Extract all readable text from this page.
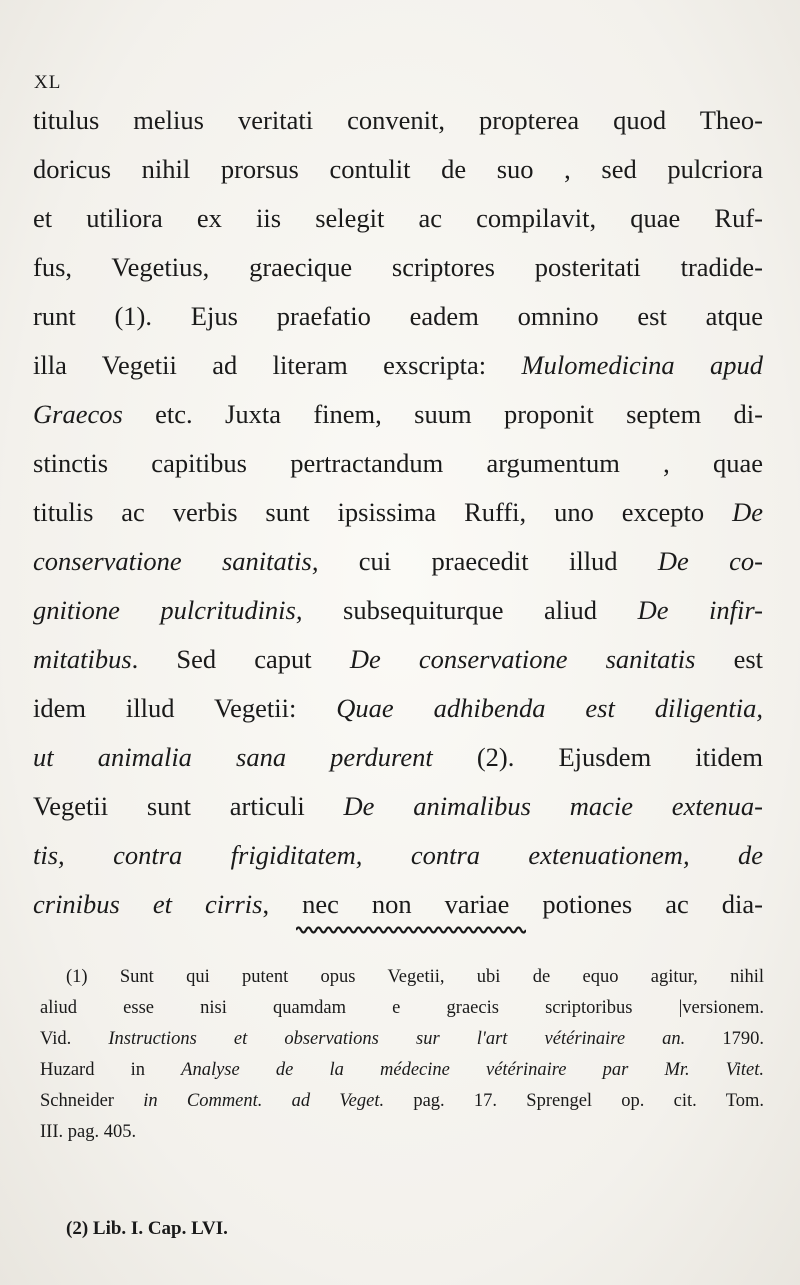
XL
titulus melius veritati convenit, propterea quod Theo-
doricus nihil prorsus contulit de suo , sed pulcriora
et utiliora ex iis selegit ac compilavit, quae Ruf-
fus, Vegetius, graecique scriptores posteritati tradide-
runt (1). Ejus praefatio eadem omnino est atque
illa Vegetii ad literam exscripta: Mulomedicina apud
Graecos etc. Juxta finem, suum proponit septem di-
stinctis capitibus pertractandum argumentum , quae
titulis ac verbis sunt ipsissima Ruffi, uno excepto De
conservatione sanitatis, cui praecedit illud De co-
gnitione pulcritudinis, subsequiturque aliud De infir-
mitatibus. Sed caput De conservatione sanitatis est
idem illud Vegetii: Quae adhibenda est diligentia,
ut animalia sana perdurent (2). Ejusdem itidem
Vegetii sunt articuli De animalibus macie extenua-
tis, contra frigiditatem, contra extenuationem, de
crinibus et cirris, nec non variae potiones ac dia-
(1) Sunt qui putent opus Vegetii, ubi de equo agitur, nihil
aliud esse nisi quamdam e graecis scriptoribus |versionem.
Vid. Instructions et observations sur l'art vétérinaire an. 1790.
Huzard in Analyse de la médecine vétérinaire par Mr. Vitet.
Schneider in Comment. ad Veget. pag. 17. Sprengel op. cit. Tom.
III. pag. 405.
(2) Lib. I. Cap. LVI.
